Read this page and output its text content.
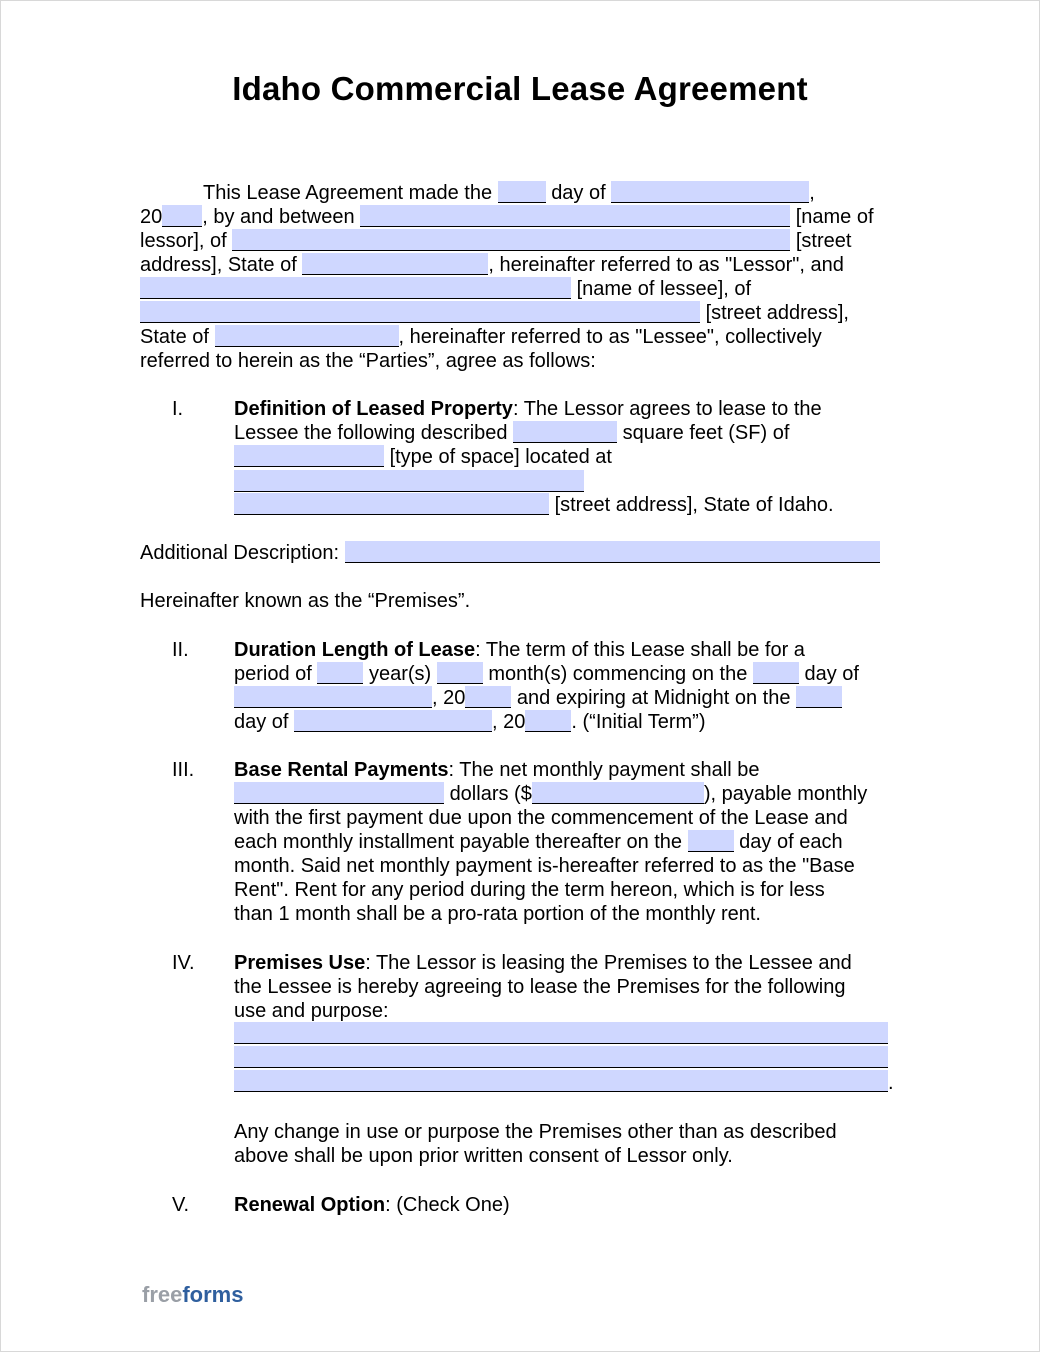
Idaho Commercial Lease Agreement
This Lease Agreement made the	day of	,
20 , by and between	[name of
lessor], of	[street
address], State of	, hereinafter referred to as "Lessor", and
[name of lessee], of
[street address],
State of	, hereinafter referred to as "Lessee", collectively
referred to herein as the “Parties”, agree as follows:
I.	Definition of Leased Property: The Lessor agrees to lease to the
Lessee the following described	square feet (SF) of
[type of space] located at
[street address], State of Idaho.
Additional Description:
Hereinafter known as the “Premises”.
II. Duration Length of Lease: The term of this Lease shall be for a
period of	year(s)	month(s) commencing on the	day of
, 20	and expiring at Midnight on the
day of	, 20 . (“Initial Term”)
III. Base Rental Payments: The net monthly payment shall be
dollars ($	), payable monthly
with the first payment due upon the commencement of the Lease and
each monthly installment payable thereafter on the	day of each
month. Said net monthly payment is-hereafter referred to as the "Base
Rent". Rent for any period during the term hereon, which is for less
than 1 month shall be a pro-rata portion of the monthly rent.
IV. Premises Use: The Lessor is leasing the Premises to the Lessee and
the Lessee is hereby agreeing to lease the Premises for the following
use and purpose:
.
Any change in use or purpose the Premises other than as described
above shall be upon prior written consent of Lessor only.
V. Renewal Option: (Check One)
freeforms
